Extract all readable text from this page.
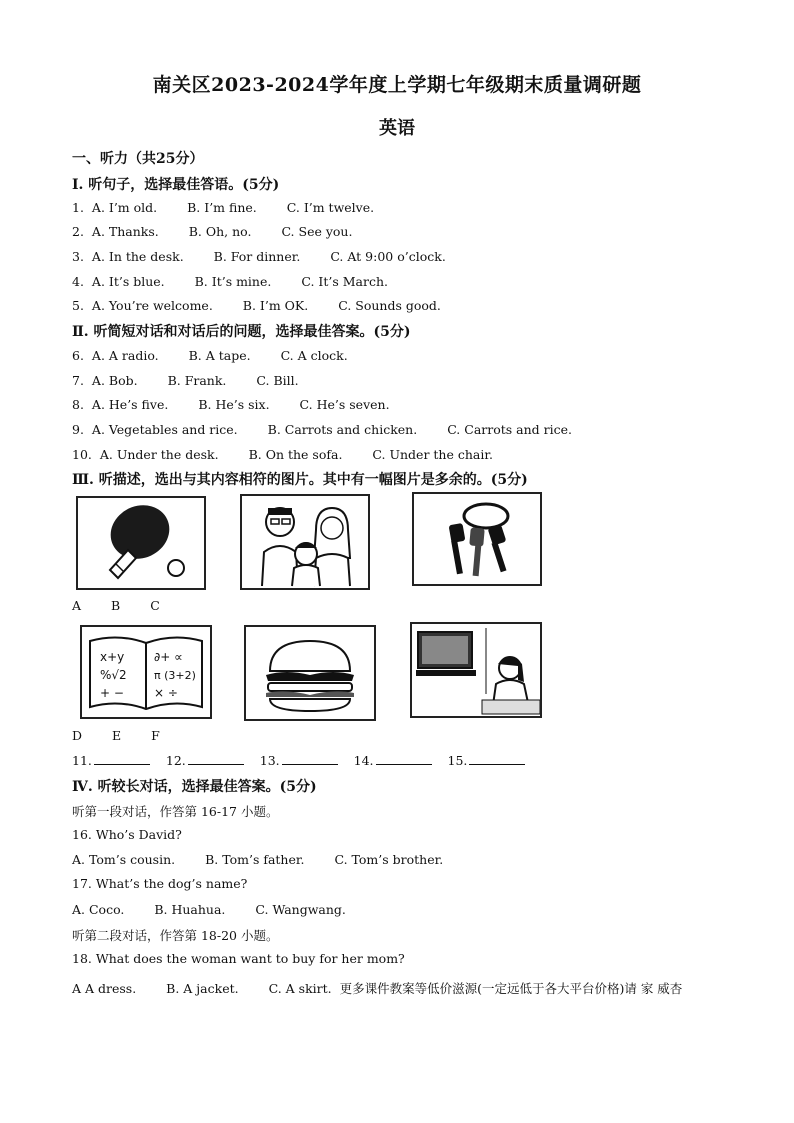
南关区2023-2024学年度上学期七年级期末质量调研题
英语
一、听力（共25分）
Ⅰ. 听句子，选择最佳答语。(5分)
1. A. I’m old. B. I’m fine. C. I’m twelve.
2. A. Thanks. B. Oh, no. C. See you.
3. A. In the desk. B. For dinner. C. At 9:00 o’clock.
4. A. It’s blue. B. It’s mine. C. It’s March.
5. A. You’re welcome. B. I’m OK. C. Sounds good.
Ⅱ. 听简短对话和对话后的问题，选择最佳答案。(5分)
6. A. A radio. B. A tape. C. A clock.
7. A. Bob. B. Frank. C. Bill.
8. A. He’s five. B. He’s six. C. He’s seven.
9. A. Vegetables and rice. B. Carrots and chicken. C. Carrots and rice.
10. A. Under the desk. B. On the sofa. C. Under the chair.
Ⅲ. 听描述，选出与其内容相符的图片。其中有一幅图片是多余的。(5分)
A B C
x+y
%√2
+ −
∂+ ∝
π (3+2)
× ÷
D E F
11.	12.	13.	14.	15.
Ⅳ. 听较长对话，选择最佳答案。(5分)
听第一段对话，作答第 16-17 小题。
16. Who’s David?
A. Tom’s cousin. B. Tom’s father. C. Tom’s brother.
17. What’s the dog’s name?
A. Coco. B. Huahua. C. Wangwang.
听第二段对话，作答第 18-20 小题。
18. What does the woman want to buy for her mom?
A A dress. B. A jacket. C. A skirt. 更多课件教案等低价滋源(一定远低于各大平台价格)请 家 威杏
